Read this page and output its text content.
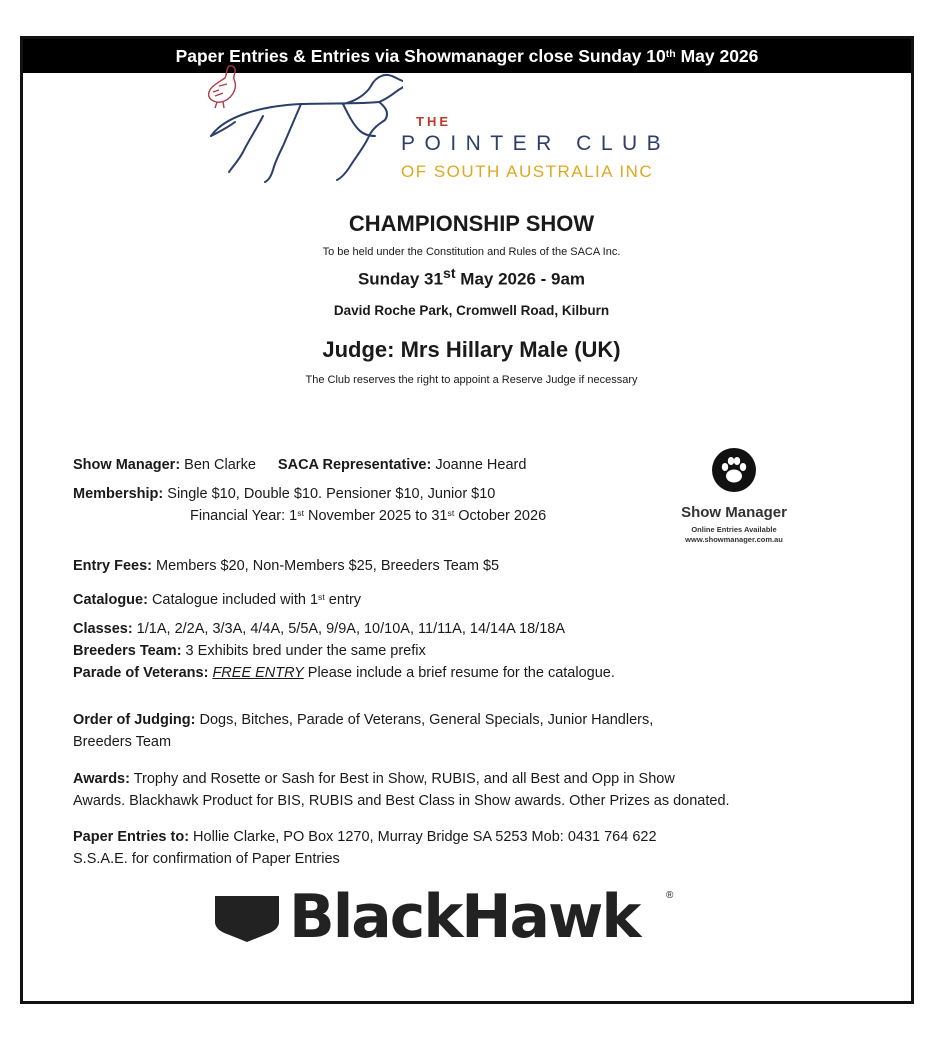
Paper Entries & Entries via Showmanager close Sunday 10th May 2026
THE
POINTER CLUB
OF SOUTH AUSTRALIA INC
CHAMPIONSHIP SHOW
To be held under the Constitution and Rules of the SACA Inc.
Sunday 31st May 2026 - 9am
David Roche Park, Cromwell Road, Kilburn
Judge: Mrs Hillary Male (UK)
The Club reserves the right to appoint a Reserve Judge if necessary
Show Manager: Ben Clarke SACA Representative: Joanne Heard
Membership: Single $10, Double $10. Pensioner $10, Junior $10
Financial Year: 1st November 2025 to 31st October 2026
Entry Fees: Members $20, Non-Members $25, Breeders Team $5
Catalogue: Catalogue included with 1st entry
Classes: 1/1A, 2/2A, 3/3A, 4/4A, 5/5A, 9/9A, 10/10A, 11/11A, 14/14A 18/18A
Breeders Team: 3 Exhibits bred under the same prefix
Parade of Veterans: FREE ENTRY Please include a brief resume for the catalogue.
Order of Judging: Dogs, Bitches, Parade of Veterans, General Specials, Junior Handlers,
Breeders Team
Awards: Trophy and Rosette or Sash for Best in Show, RUBIS, and all Best and Opp in Show
Awards. Blackhawk Product for BIS, RUBIS and Best Class in Show awards. Other Prizes as donated.
Paper Entries to: Hollie Clarke, PO Box 1270, Murray Bridge SA 5253 Mob: 0431 764 622
S.S.A.E. for confirmation of Paper Entries
Show Manager
Online Entries Available
www.showmanager.com.au
BlackHawk	®
